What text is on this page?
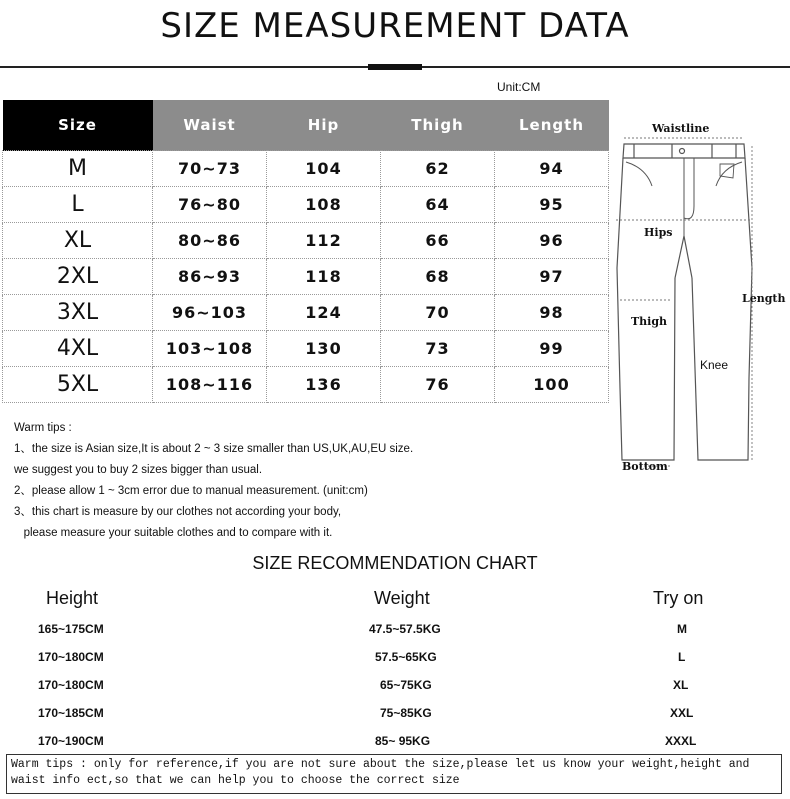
SIZE MEASUREMENT DATA
Unit:CM
Size	Waist	Hip	Thigh	Length
M	70~73	104	62	94
L	76~80	108	64	95
XL	80~86	112	66	96
2XL	86~93	118	68	97
3XL	96~103	124	70	98
4XL	103~108	130	73	99
5XL	108~116	136	76	100
Warm tips :
1、the size is Asian size,It is about 2 ~ 3 size smaller than US,UK,AU,EU size.
we suggest you to buy 2 sizes bigger than usual.
2、please allow 1 ~ 3cm error due to manual measurement. (unit:cm)
3、this chart is measure by our clothes not according your body,
please measure your suitable clothes and to compare with it.
Waistline
Hips
Length
Thigh
Knee
Bottom
SIZE RECOMMENDATION CHART
Height	Weight	Try on
165~175CM	47.5~57.5KG	M
170~180CM	57.5~65KG	L
170~180CM	65~75KG	XL
170~185CM	75~85KG	XXL
170~190CM	85~ 95KG	XXXL
Warm tips : only for reference,if you are not sure about the size,please let us know your weight,height and
waist info ect,so that we can help you to choose the correct size
